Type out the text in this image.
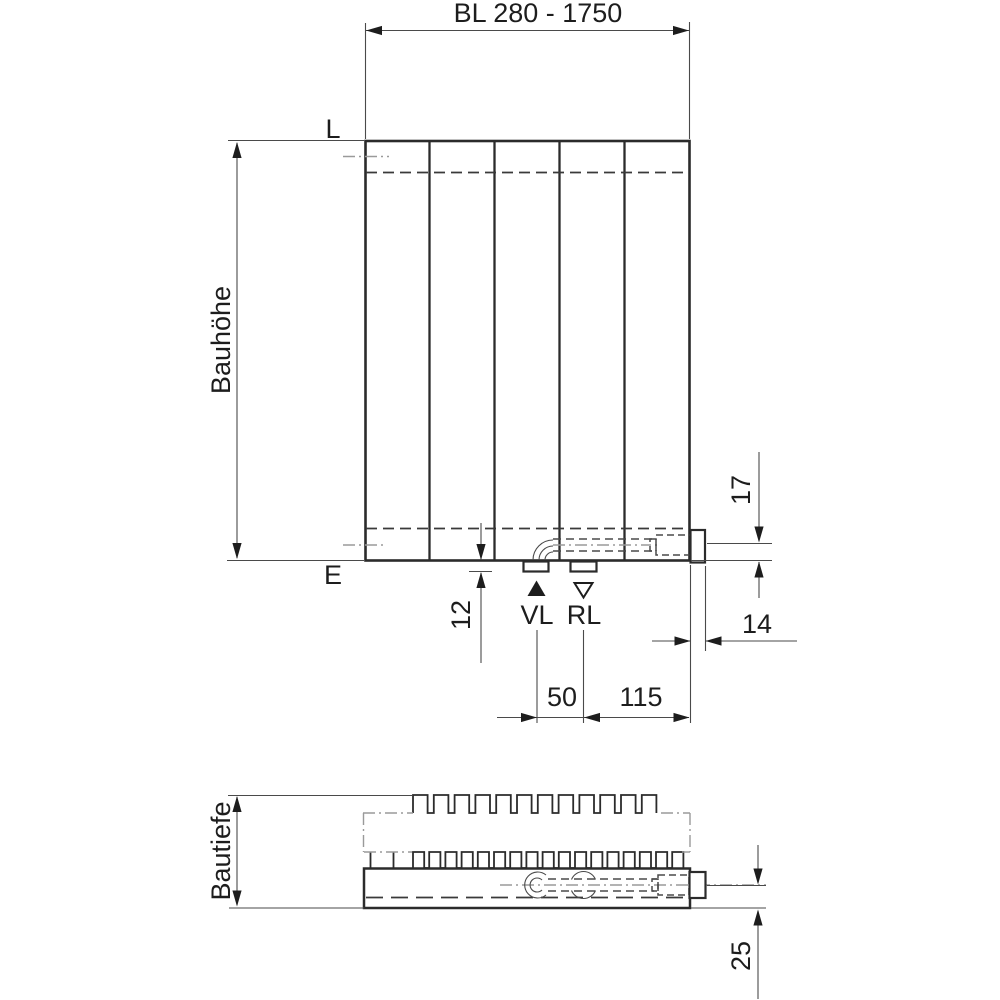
BL 280 - 1750
L
E
Bauhöhe
12
17
14
50 115
VL RL
Bautiefe
25
